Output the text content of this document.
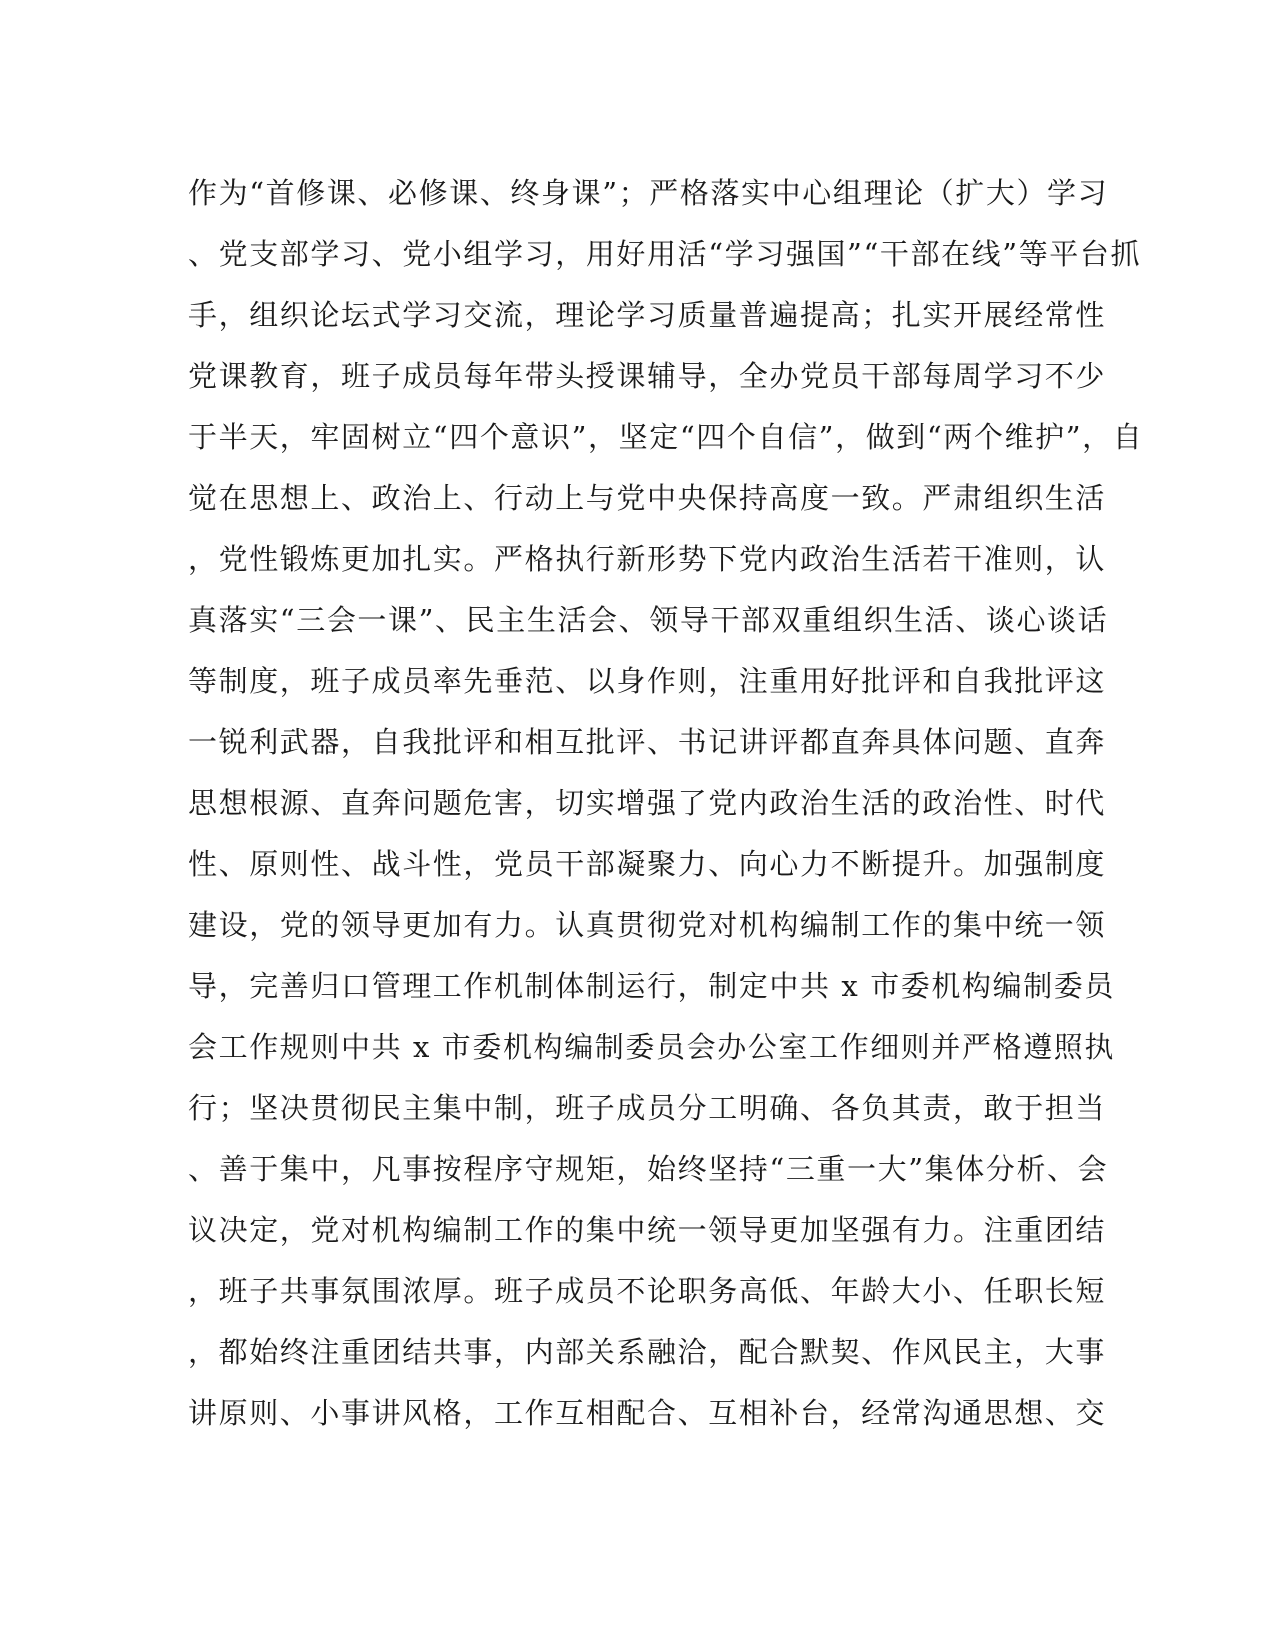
作为“首修课、必修课、终身课”；严格落实中心组理论（扩大）学习
、党支部学习、党小组学习，用好用活“学习强国”“干部在线”等平台抓
手，组织论坛式学习交流，理论学习质量普遍提高；扎实开展经常性
党课教育，班子成员每年带头授课辅导，全办党员干部每周学习不少
于半天，牢固树立“四个意识”，坚定“四个自信”，做到“两个维护”，自
觉在思想上、政治上、行动上与党中央保持高度一致。严肃组织生活
，党性锻炼更加扎实。严格执行新形势下党内政治生活若干准则，认
真落实“三会一课”、民主生活会、领导干部双重组织生活、谈心谈话
等制度，班子成员率先垂范、以身作则，注重用好批评和自我批评这
一锐利武器，自我批评和相互批评、书记讲评都直奔具体问题、直奔
思想根源、直奔问题危害，切实增强了党内政治生活的政治性、时代
性、原则性、战斗性，党员干部凝聚力、向心力不断提升。加强制度
建设，党的领导更加有力。认真贯彻党对机构编制工作的集中统一领
导，完善归口管理工作机制体制运行，制定中共 x 市委机构编制委员
会工作规则中共 x 市委机构编制委员会办公室工作细则并严格遵照执
行；坚决贯彻民主集中制，班子成员分工明确、各负其责，敢于担当
、善于集中，凡事按程序守规矩，始终坚持“三重一大”集体分析、会
议决定，党对机构编制工作的集中统一领导更加坚强有力。注重团结
，班子共事氛围浓厚。班子成员不论职务高低、年龄大小、任职长短
，都始终注重团结共事，内部关系融洽，配合默契、作风民主，大事
讲原则、小事讲风格，工作互相配合、互相补台，经常沟通思想、交
